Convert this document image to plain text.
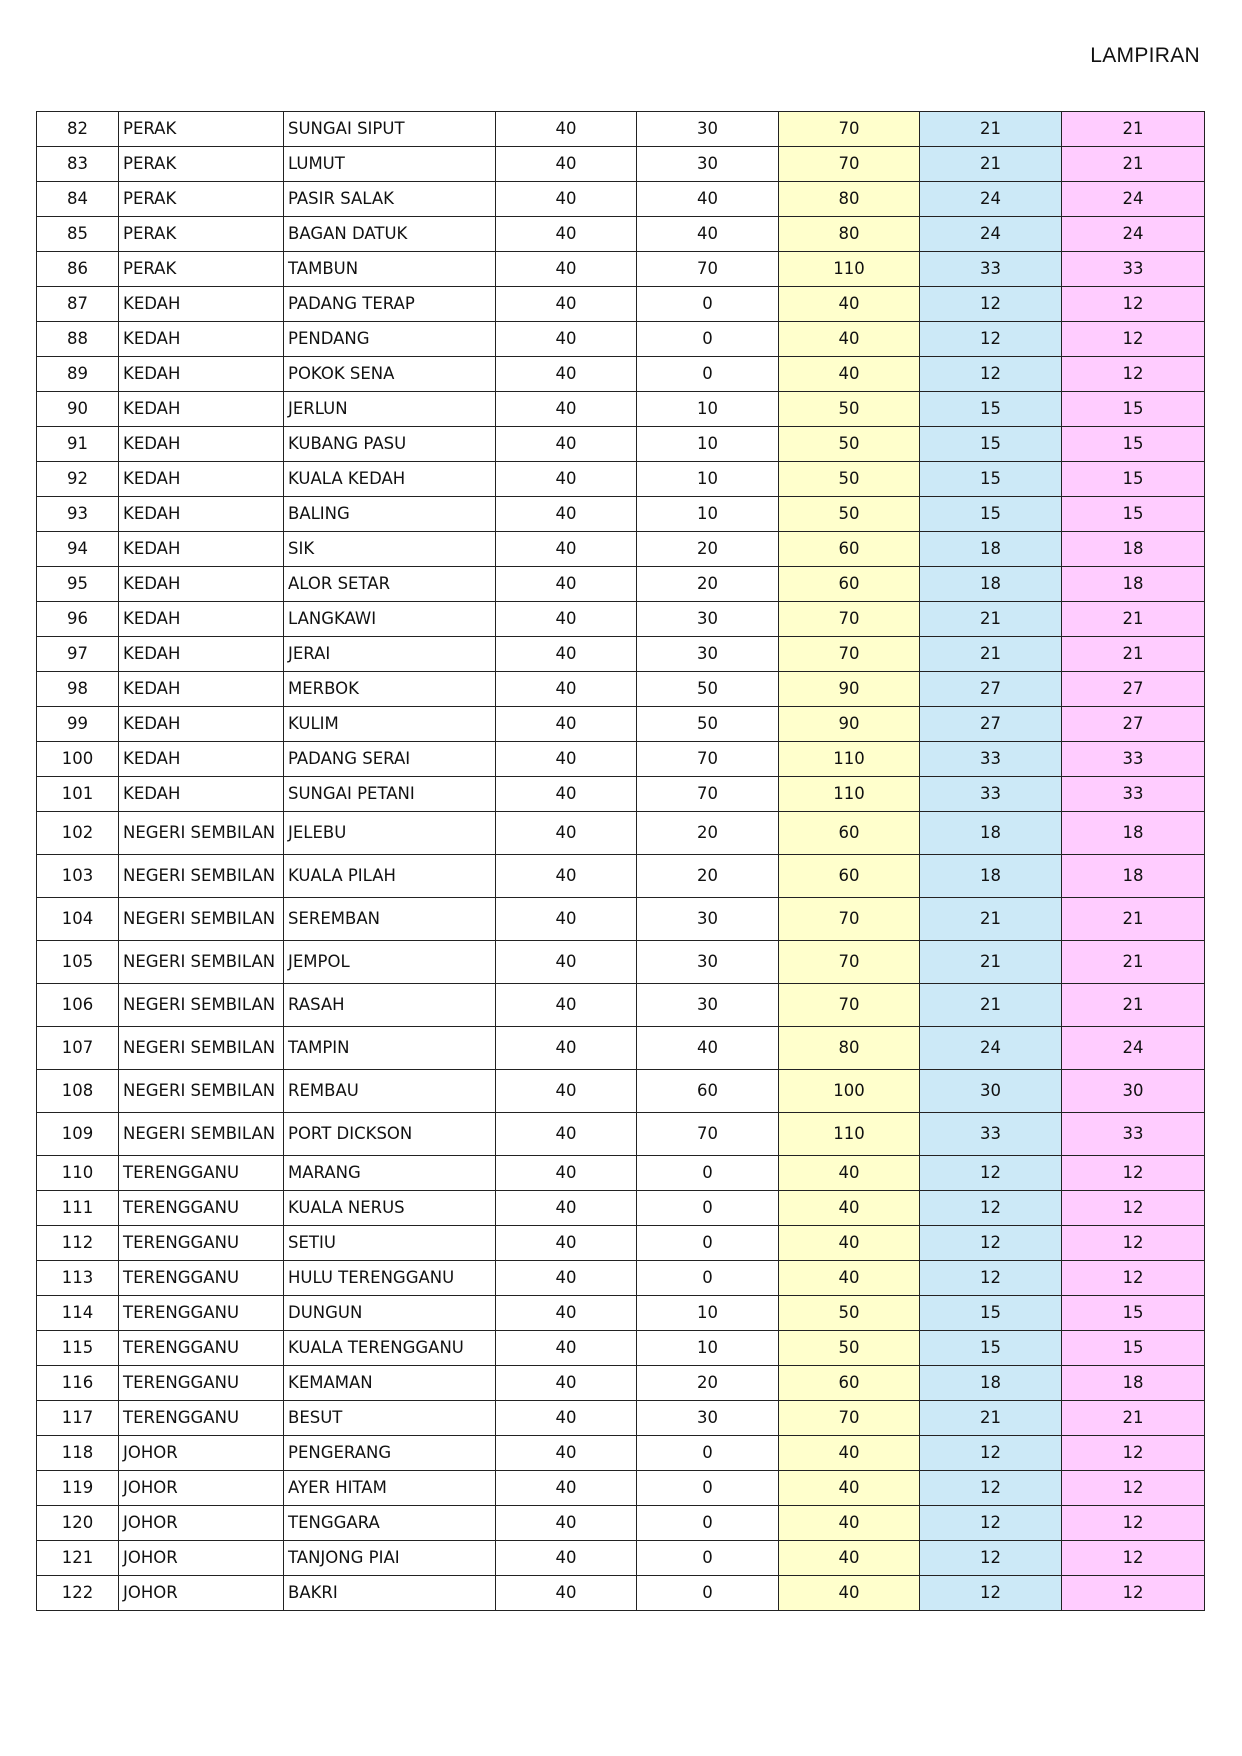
LAMPIRAN
82	PERAK	SUNGAI SIPUT	40	30	70	21	21
83	PERAK	LUMUT	40	30	70	21	21
84	PERAK	PASIR SALAK	40	40	80	24	24
85	PERAK	BAGAN DATUK	40	40	80	24	24
86	PERAK	TAMBUN	40	70	110	33	33
87	KEDAH	PADANG TERAP	40	0	40	12	12
88	KEDAH	PENDANG	40	0	40	12	12
89	KEDAH	POKOK SENA	40	0	40	12	12
90	KEDAH	JERLUN	40	10	50	15	15
91	KEDAH	KUBANG PASU	40	10	50	15	15
92	KEDAH	KUALA KEDAH	40	10	50	15	15
93	KEDAH	BALING	40	10	50	15	15
94	KEDAH	SIK	40	20	60	18	18
95	KEDAH	ALOR SETAR	40	20	60	18	18
96	KEDAH	LANGKAWI	40	30	70	21	21
97	KEDAH	JERAI	40	30	70	21	21
98	KEDAH	MERBOK	40	50	90	27	27
99	KEDAH	KULIM	40	50	90	27	27
100	KEDAH	PADANG SERAI	40	70	110	33	33
101	KEDAH	SUNGAI PETANI	40	70	110	33	33
102	NEGERI SEMBILAN	JELEBU	40	20	60	18	18
103	NEGERI SEMBILAN	KUALA PILAH	40	20	60	18	18
104	NEGERI SEMBILAN	SEREMBAN	40	30	70	21	21
105	NEGERI SEMBILAN	JEMPOL	40	30	70	21	21
106	NEGERI SEMBILAN	RASAH	40	30	70	21	21
107	NEGERI SEMBILAN	TAMPIN	40	40	80	24	24
108	NEGERI SEMBILAN	REMBAU	40	60	100	30	30
109	NEGERI SEMBILAN	PORT DICKSON	40	70	110	33	33
110	TERENGGANU	MARANG	40	0	40	12	12
111	TERENGGANU	KUALA NERUS	40	0	40	12	12
112	TERENGGANU	SETIU	40	0	40	12	12
113	TERENGGANU	HULU TERENGGANU	40	0	40	12	12
114	TERENGGANU	DUNGUN	40	10	50	15	15
115	TERENGGANU	KUALA TERENGGANU	40	10	50	15	15
116	TERENGGANU	KEMAMAN	40	20	60	18	18
117	TERENGGANU	BESUT	40	30	70	21	21
118	JOHOR	PENGERANG	40	0	40	12	12
119	JOHOR	AYER HITAM	40	0	40	12	12
120	JOHOR	TENGGARA	40	0	40	12	12
121	JOHOR	TANJONG PIAI	40	0	40	12	12
122	JOHOR	BAKRI	40	0	40	12	12
